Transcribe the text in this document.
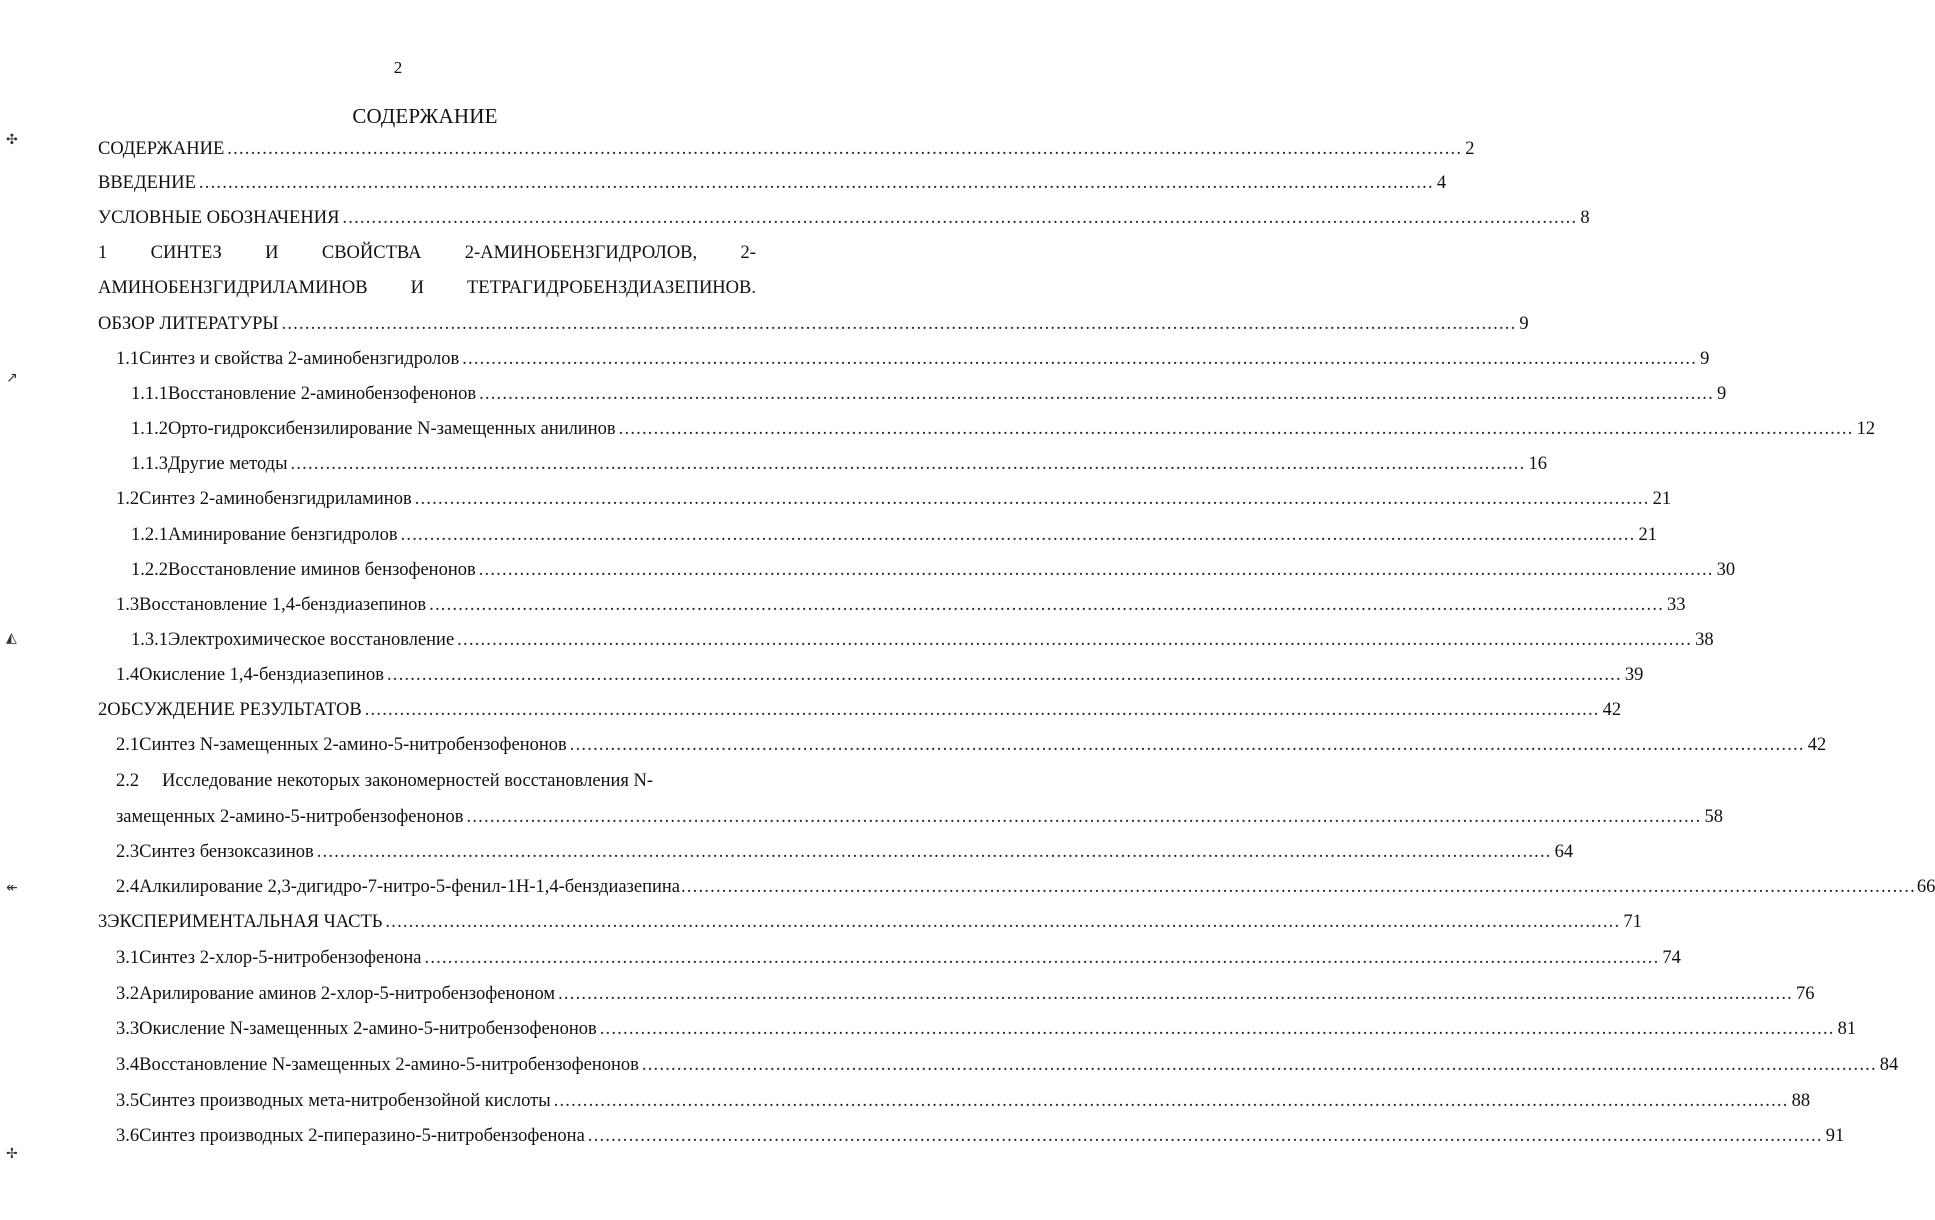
2
СОДЕРЖАНИЕ
✣
↗
◭
↞
✢
СОДЕРЖАНИЕ .....	2
ВВЕДЕНИЕ .....	4
УСЛОВНЫЕ ОБОЗНАЧЕНИЯ .....	8
1 СИНТЕЗ И СВОЙСТВА 2-АМИНОБЕНЗГИДРОЛОВ, 2-
АМИНОБЕНЗГИДРИЛАМИНОВ И ТЕТРАГИДРОБЕНЗДИАЗЕПИНОВ.
ОБЗОР ЛИТЕРАТУРЫ .....	9
1.1 Синтез и свойства 2-аминобензгидролов .....	9
1.1.1 Восстановление 2-аминобензофенонов .....	9
1.1.2 Орто-гидроксибензилирование N-замещенных анилинов .....	12
1.1.3 Другие методы .....	16
1.2 Синтез 2-аминобензгидриламинов .....	21
1.2.1 Аминирование бензгидролов .....	21
1.2.2 Восстановление иминов бензофенонов .....	30
1.3 Восстановление 1,4-бенздиазепинов .....	33
1.3.1 Электрохимическое восстановление .....	38
1.4 Окисление 1,4-бенздиазепинов .....	39
2 ОБСУЖДЕНИЕ РЕЗУЛЬТАТОВ .....	42
2.1 Синтез N-замещенных 2-амино-5-нитробензофенонов .....	42
2.2	Исследование некоторых закономерностей восстановления N-
замещенных 2-амино-5-нитробензофенонов .....	58
2.3 Синтез бензоксазинов .....	64
2.4 Алкилирование 2,3-дигидро-7-нитро-5-фенил-1Н-1,4-бенздиазепина .....	66
3 ЭКСПЕРИМЕНТАЛЬНАЯ ЧАСТЬ .....	71
3.1 Синтез 2-хлор-5-нитробензофенона .....	74
3.2 Арилирование аминов 2-хлор-5-нитробензофеноном .....	76
3.3 Окисление N-замещенных 2-амино-5-нитробензофенонов .....	81
3.4 Восстановление N-замещенных 2-амино-5-нитробензофенонов .....	84
3.5 Синтез производных мета-нитробензойной кислоты .....	88
3.6 Синтез производных 2-пиперазино-5-нитробензофенона .....	91
